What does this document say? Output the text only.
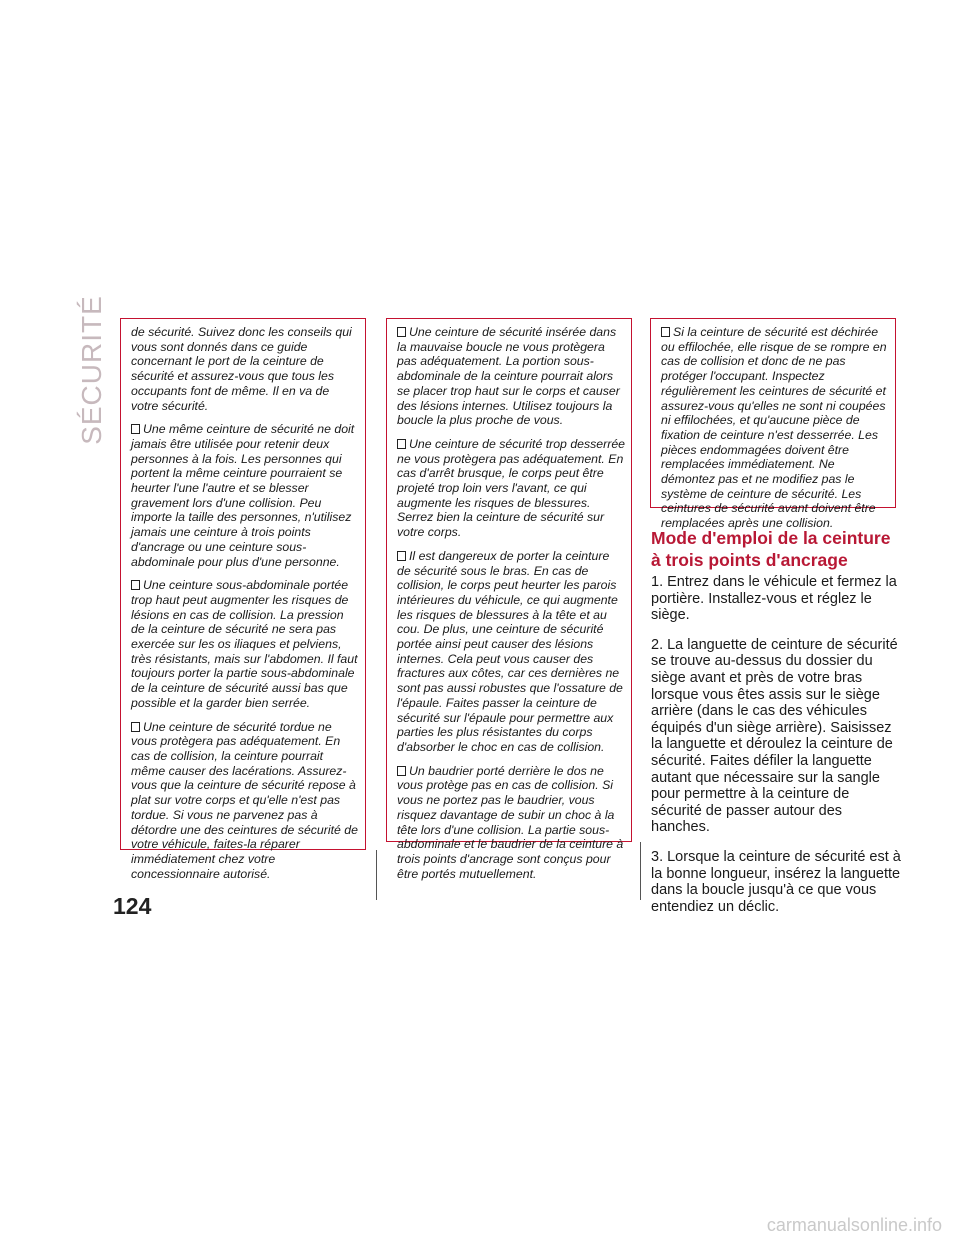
SÉCURITÉ
124

de sécurité. Suivez donc les conseils qui vous sont donnés dans ce guide concernant le port de la ceinture de sécurité et assurez-vous que tous les occupants font de même. Il en va de votre sécurité.

Une même ceinture de sécurité ne doit jamais être utilisée pour retenir deux personnes à la fois. Les personnes qui portent la même ceinture pourraient se heurter l'une l'autre et se blesser gravement lors d'une collision. Peu importe la taille des personnes, n'utilisez jamais une ceinture à trois points d'ancrage ou une ceinture sous-abdominale pour plus d'une personne.

Une ceinture sous-abdominale portée trop haut peut augmenter les risques de lésions en cas de collision. La pression de la ceinture de sécurité ne sera pas exercée sur les os iliaques et pelviens, très résistants, mais sur l'abdomen. Il faut toujours porter la partie sous-abdominale de la ceinture de sécurité aussi bas que possible et la garder bien serrée.

Une ceinture de sécurité tordue ne vous protègera pas adéquatement. En cas de collision, la ceinture pourrait même causer des lacérations. Assurez-vous que la ceinture de sécurité repose à plat sur votre corps et qu'elle n'est pas tordue. Si vous ne parvenez pas à détordre une des ceintures de sécurité de votre véhicule, faites-la réparer immédiatement chez votre concessionnaire autorisé.

Une ceinture de sécurité insérée dans la mauvaise boucle ne vous protègera pas adéquatement. La portion sous-abdominale de la ceinture pourrait alors se placer trop haut sur le corps et causer des lésions internes. Utilisez toujours la boucle la plus proche de vous.

Une ceinture de sécurité trop desserrée ne vous protègera pas adéquatement. En cas d'arrêt brusque, le corps peut être projeté trop loin vers l'avant, ce qui augmente les risques de blessures. Serrez bien la ceinture de sécurité sur votre corps.

Il est dangereux de porter la ceinture de sécurité sous le bras. En cas de collision, le corps peut heurter les parois intérieures du véhicule, ce qui augmente les risques de blessures à la tête et au cou. De plus, une ceinture de sécurité portée ainsi peut causer des lésions internes. Cela peut vous causer des fractures aux côtes, car ces dernières ne sont pas aussi robustes que l'ossature de l'épaule. Faites passer la ceinture de sécurité sur l'épaule pour permettre aux parties les plus résistantes du corps d'absorber le choc en cas de collision.

Un baudrier porté derrière le dos ne vous protège pas en cas de collision. Si vous ne portez pas le baudrier, vous risquez davantage de subir un choc à la tête lors d'une collision. La partie sous-abdominale et le baudrier de la ceinture à trois points d'ancrage sont conçus pour être portés mutuellement.

Si la ceinture de sécurité est déchirée ou effilochée, elle risque de se rompre en cas de collision et donc de ne pas protéger l'occupant. Inspectez régulièrement les ceintures de sécurité et assurez-vous qu'elles ne sont ni coupées ni effilochées, et qu'aucune pièce de fixation de ceinture n'est desserrée. Les pièces endommagées doivent être remplacées immédiatement. Ne démontez pas et ne modifiez pas le système de ceinture de sécurité. Les ceintures de sécurité avant doivent être remplacées après une collision.

Mode d'emploi de la ceinture à trois points d'ancrage

1. Entrez dans le véhicule et fermez la portière. Installez-vous et réglez le siège.

2. La languette de ceinture de sécurité se trouve au-dessus du dossier du siège avant et près de votre bras lorsque vous êtes assis sur le siège arrière (dans le cas des véhicules équipés d'un siège arrière). Saisissez la languette et déroulez la ceinture de sécurité. Faites défiler la languette autant que nécessaire sur la sangle pour permettre à la ceinture de sécurité de passer autour des hanches.

3. Lorsque la ceinture de sécurité est à la bonne longueur, insérez la languette dans la boucle jusqu'à ce que vous entendiez un déclic.

carmanualsonline.info
